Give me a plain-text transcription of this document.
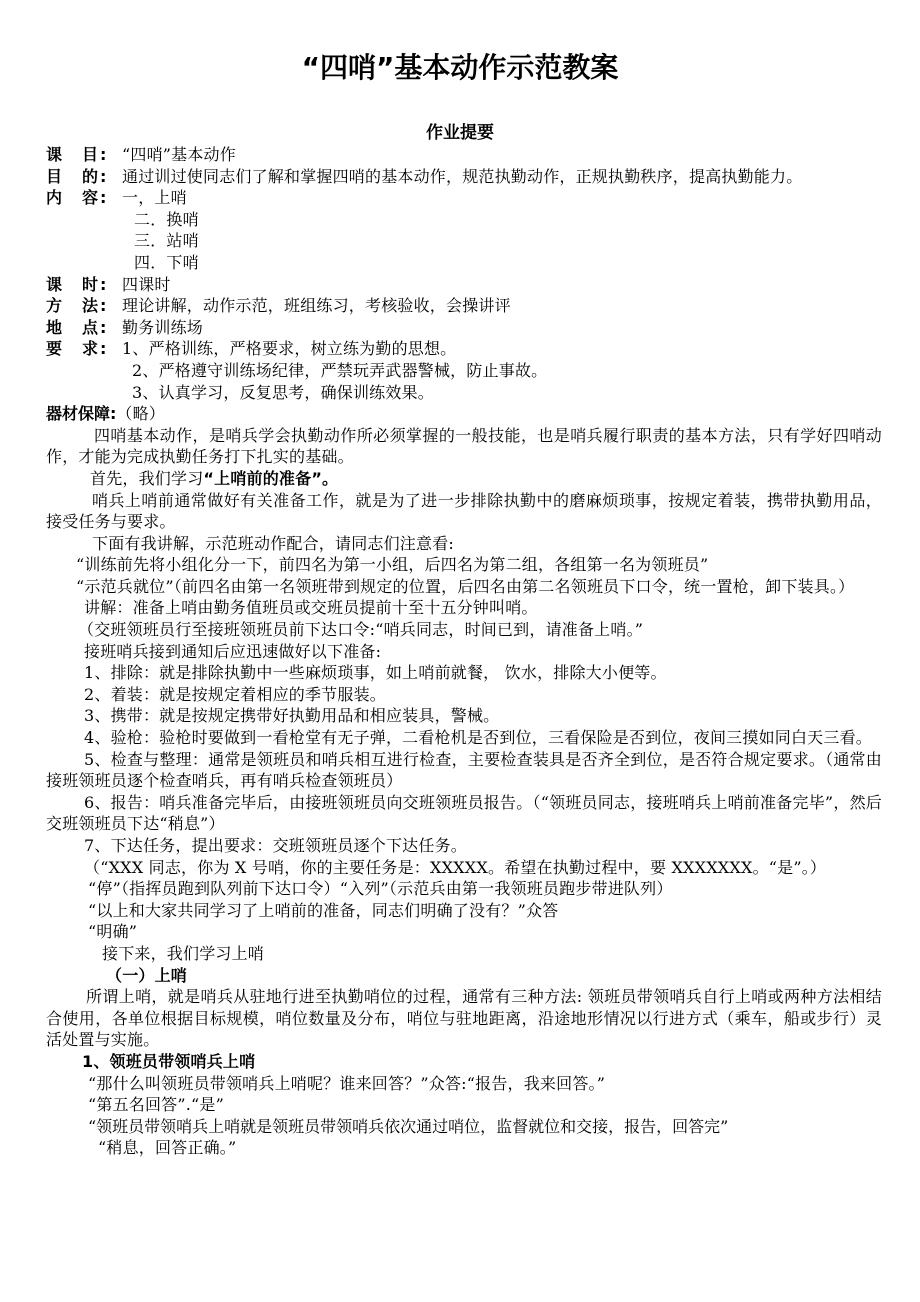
“四哨”基本动作示范教案
作业提要
课　目: “四哨”基本动作
目　的: 通过训过使同志们了解和掌握四哨的基本动作，规范执勤动作，正规执勤秩序，提高执勤能力。
内　容: 一，上哨
二．换哨
三．站哨
四．下哨
课　时: 四课时
方　法: 理论讲解，动作示范，班组练习，考核验收，会操讲评
地　点: 勤务训练场
要　求: 1、严格训练，严格要求，树立练为勤的思想。
2、严格遵守训练场纪律，严禁玩弄武器警械，防止事故。
3、认真学习，反复思考，确保训练效果。
器材保障: （略）
四哨基本动作，是哨兵学会执勤动作所必须掌握的一般技能，也是哨兵履行职责的基本方法，只有学好四哨动作，才能为完成执勤任务打下扎实的基础。
首先，我们学习“上哨前的准备”。
哨兵上哨前通常做好有关准备工作，就是为了进一步排除执勤中的磨麻烦琐事，按规定着装，携带执勤用品，接受任务与要求。
下面有我讲解，示范班动作配合，请同志们注意看:
“训练前先将小组化分一下，前四名为第一小组，后四名为第二组，各组第一名为领班员”
“示范兵就位”（前四名由第一名领班带到规定的位置，后四名由第二名领班员下口令，统一置枪，卸下装具。）
讲解：准备上哨由勤务值班员或交班员提前十至十五分钟叫哨。
（交班领班员行至接班领班员前下达口令:“哨兵同志，时间已到，请准备上哨。”
接班哨兵接到通知后应迅速做好以下准备:
1、排除：就是排除执勤中一些麻烦琐事，如上哨前就餐， 饮水，排除大小便等。
2、着装：就是按规定着相应的季节服装。
3、携带：就是按规定携带好执勤用品和相应装具，警械。
4、验枪：验枪时要做到一看枪堂有无子弹，二看枪机是否到位，三看保险是否到位，夜间三摸如同白天三看。
5、检查与整理：通常是领班员和哨兵相互进行检查，主要检查装具是否齐全到位，是否符合规定要求。（通常由接班领班员逐个检查哨兵，再有哨兵检查领班员）
6、报告：哨兵准备完毕后，由接班领班员向交班领班员报告。（“领班员同志，接班哨兵上哨前准备完毕”，然后交班领班员下达“稍息”）
7、下达任务，提出要求：交班领班员逐个下达任务。
（“XXX 同志，你为 X 号哨，你的主要任务是：XXXXX。希望在执勤过程中，要 XXXXXXX。“是”。）
“停”（指挥员跑到队列前下达口令）“入列”（示范兵由第一我领班员跑步带进队列）
“以上和大家共同学习了上哨前的准备，同志们明确了没有？”众答
“明确”
接下来，我们学习上哨
（一）上哨
所谓上哨，就是哨兵从驻地行进至执勤哨位的过程，通常有三种方法: 领班员带领哨兵自行上哨或两种方法相结合使用，各单位根据目标规模，哨位数量及分布，哨位与驻地距离，沿途地形情况以行进方式（乘车，船或步行）灵活处置与实施。
1、领班员带领哨兵上哨
“那什么叫领班员带领哨兵上哨呢？谁来回答？”众答:“报告，我来回答。”
“第五名回答”.“是”
“领班员带领哨兵上哨就是领班员带领哨兵依次通过哨位，监督就位和交接，报告，回答完”
“稍息，回答正确。”
